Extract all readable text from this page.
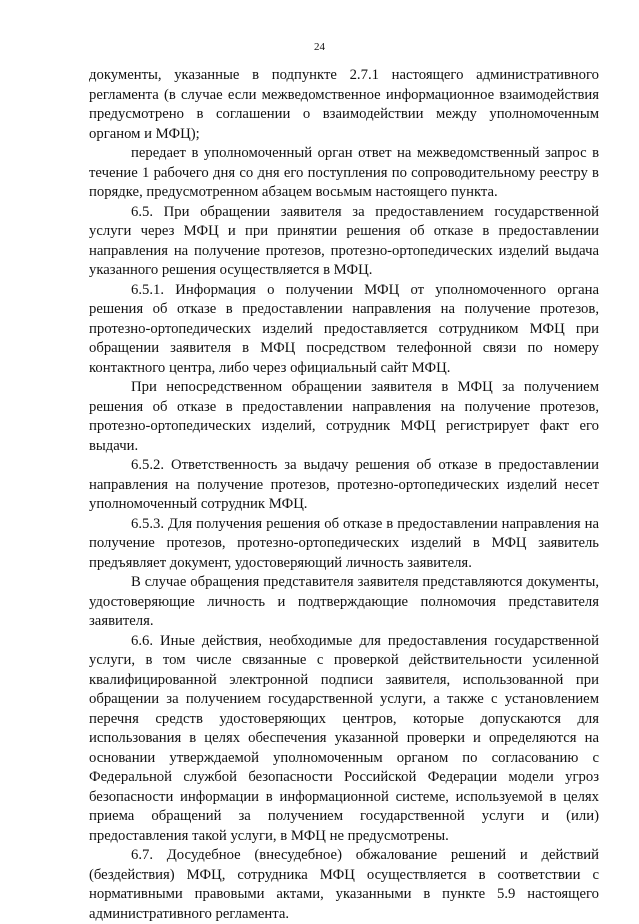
24

документы, указанные в подпункте 2.7.1 настоящего административного регламента (в случае если межведомственное информационное взаимодействия предусмотрено в соглашении о взаимодействии между уполномоченным органом и МФЦ);

передает в уполномоченный орган ответ на межведомственный запрос в течение 1 рабочего дня со дня его поступления по сопроводительному реестру в порядке, предусмотренном абзацем восьмым настоящего пункта.

6.5. При обращении заявителя за предоставлением государственной услуги через МФЦ и при принятии решения об отказе в предоставлении направления на получение протезов, протезно-ортопедических изделий выдача указанного решения осуществляется в МФЦ.

6.5.1. Информация о получении МФЦ от уполномоченного органа решения об отказе в предоставлении направления на получение протезов, протезно-ортопедических изделий предоставляется сотрудником МФЦ при обращении заявителя в МФЦ посредством телефонной связи по номеру контактного центра, либо через официальный сайт МФЦ.

При непосредственном обращении заявителя в МФЦ за получением решения об отказе в предоставлении направления на получение протезов, протезно-ортопедических изделий, сотрудник МФЦ регистрирует факт его выдачи.

6.5.2. Ответственность за выдачу решения об отказе в предоставлении направления на получение протезов, протезно-ортопедических изделий несет уполномоченный сотрудник МФЦ.

6.5.3. Для получения решения об отказе в предоставлении направления на получение протезов, протезно-ортопедических изделий в МФЦ заявитель предъявляет документ, удостоверяющий личность заявителя.

В случае обращения представителя заявителя представляются документы, удостоверяющие личность и подтверждающие полномочия представителя заявителя.

6.6. Иные действия, необходимые для предоставления государственной услуги, в том числе связанные с проверкой действительности усиленной квалифицированной электронной подписи заявителя, использованной при обращении за получением государственной услуги, а также с установлением перечня средств удостоверяющих центров, которые допускаются для использования в целях обеспечения указанной проверки и определяются на основании утверждаемой уполномоченным органом по согласованию с Федеральной службой безопасности Российской Федерации модели угроз безопасности информации в информационной системе, используемой в целях приема обращений за получением государственной услуги и (или) предоставления такой услуги, в МФЦ не предусмотрены.

6.7. Досудебное (внесудебное) обжалование решений и действий (бездействия) МФЦ, сотрудника МФЦ осуществляется в соответствии с нормативными правовыми актами, указанными в пункте 5.9 настоящего административного регламента.
